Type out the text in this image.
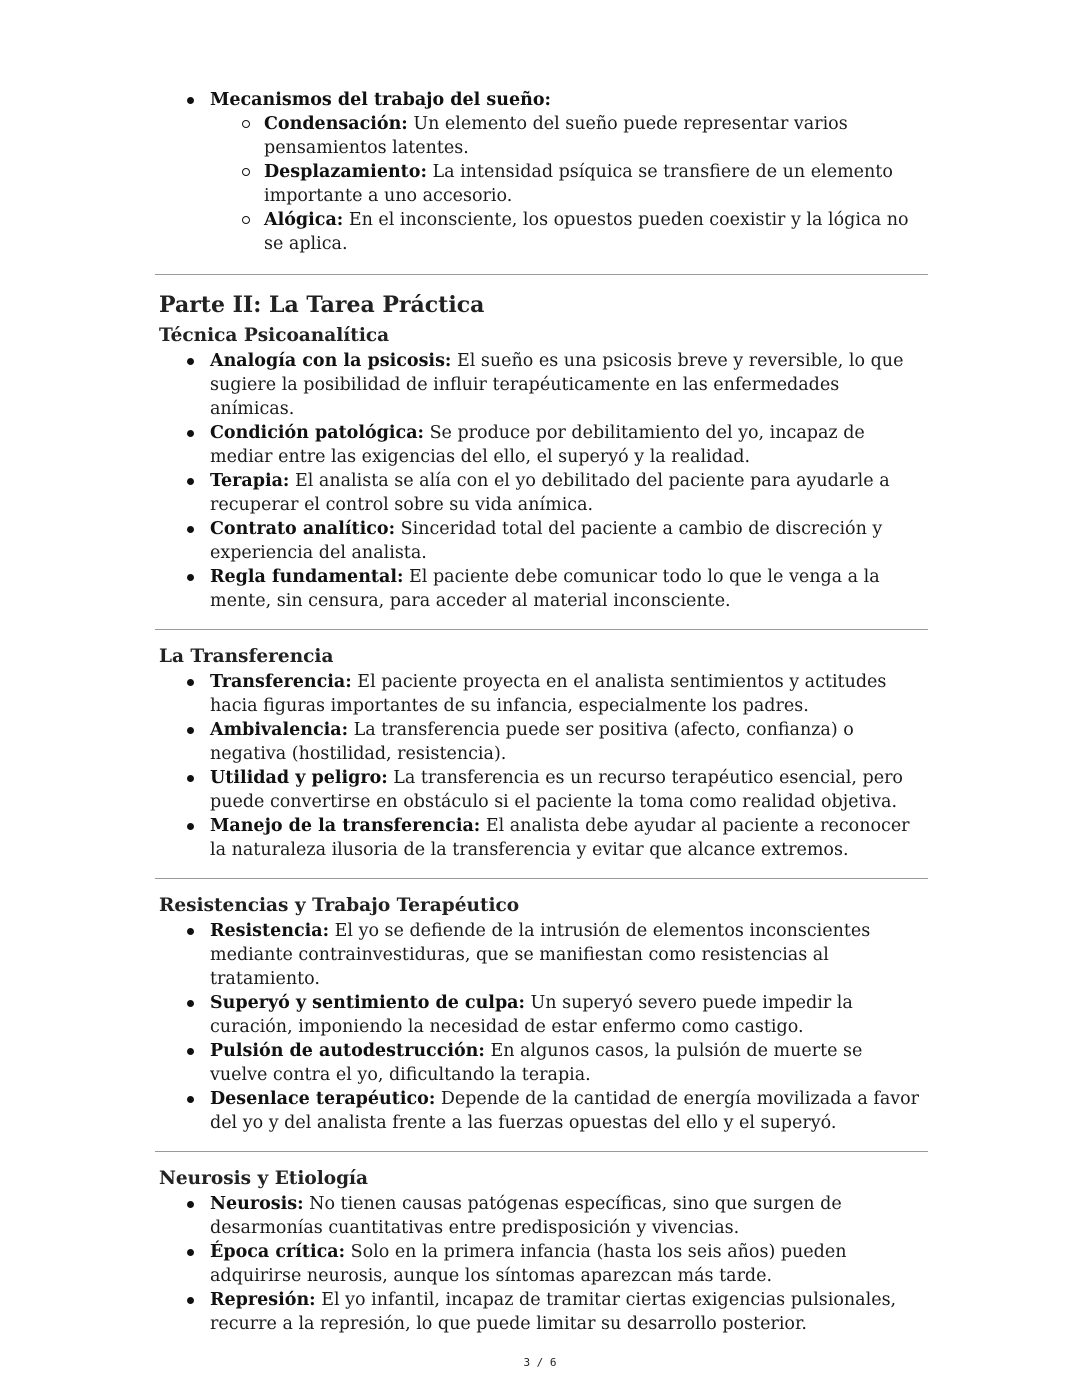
Mecanismos del trabajo del sueño:
Condensación: Un elemento del sueño puede representar varios pensamientos latentes.
Desplazamiento: La intensidad psíquica se transfiere de un elemento importante a uno accesorio.
Alógica: En el inconsciente, los opuestos pueden coexistir y la lógica no se aplica.
Parte II: La Tarea Práctica
Técnica Psicoanalítica
Analogía con la psicosis: El sueño es una psicosis breve y reversible, lo que sugiere la posibilidad de influir terapéuticamente en las enfermedades anímicas.
Condición patológica: Se produce por debilitamiento del yo, incapaz de mediar entre las exigencias del ello, el superyó y la realidad.
Terapia: El analista se alía con el yo debilitado del paciente para ayudarle a recuperar el control sobre su vida anímica.
Contrato analítico: Sinceridad total del paciente a cambio de discreción y experiencia del analista.
Regla fundamental: El paciente debe comunicar todo lo que le venga a la mente, sin censura, para acceder al material inconsciente.
La Transferencia
Transferencia: El paciente proyecta en el analista sentimientos y actitudes hacia figuras importantes de su infancia, especialmente los padres.
Ambivalencia: La transferencia puede ser positiva (afecto, confianza) o negativa (hostilidad, resistencia).
Utilidad y peligro: La transferencia es un recurso terapéutico esencial, pero puede convertirse en obstáculo si el paciente la toma como realidad objetiva.
Manejo de la transferencia: El analista debe ayudar al paciente a reconocer la naturaleza ilusoria de la transferencia y evitar que alcance extremos.
Resistencias y Trabajo Terapéutico
Resistencia: El yo se defiende de la intrusión de elementos inconscientes mediante contrainvestiduras, que se manifiestan como resistencias al tratamiento.
Superyó y sentimiento de culpa: Un superyó severo puede impedir la curación, imponiendo la necesidad de estar enfermo como castigo.
Pulsión de autodestrucción: En algunos casos, la pulsión de muerte se vuelve contra el yo, dificultando la terapia.
Desenlace terapéutico: Depende de la cantidad de energía movilizada a favor del yo y del analista frente a las fuerzas opuestas del ello y el superyó.
Neurosis y Etiología
Neurosis: No tienen causas patógenas específicas, sino que surgen de desarmonías cuantitativas entre predisposición y vivencias.
Época crítica: Solo en la primera infancia (hasta los seis años) pueden adquirirse neurosis, aunque los síntomas aparezcan más tarde.
Represión: El yo infantil, incapaz de tramitar ciertas exigencias pulsionales, recurre a la represión, lo que puede limitar su desarrollo posterior.
3 / 6
